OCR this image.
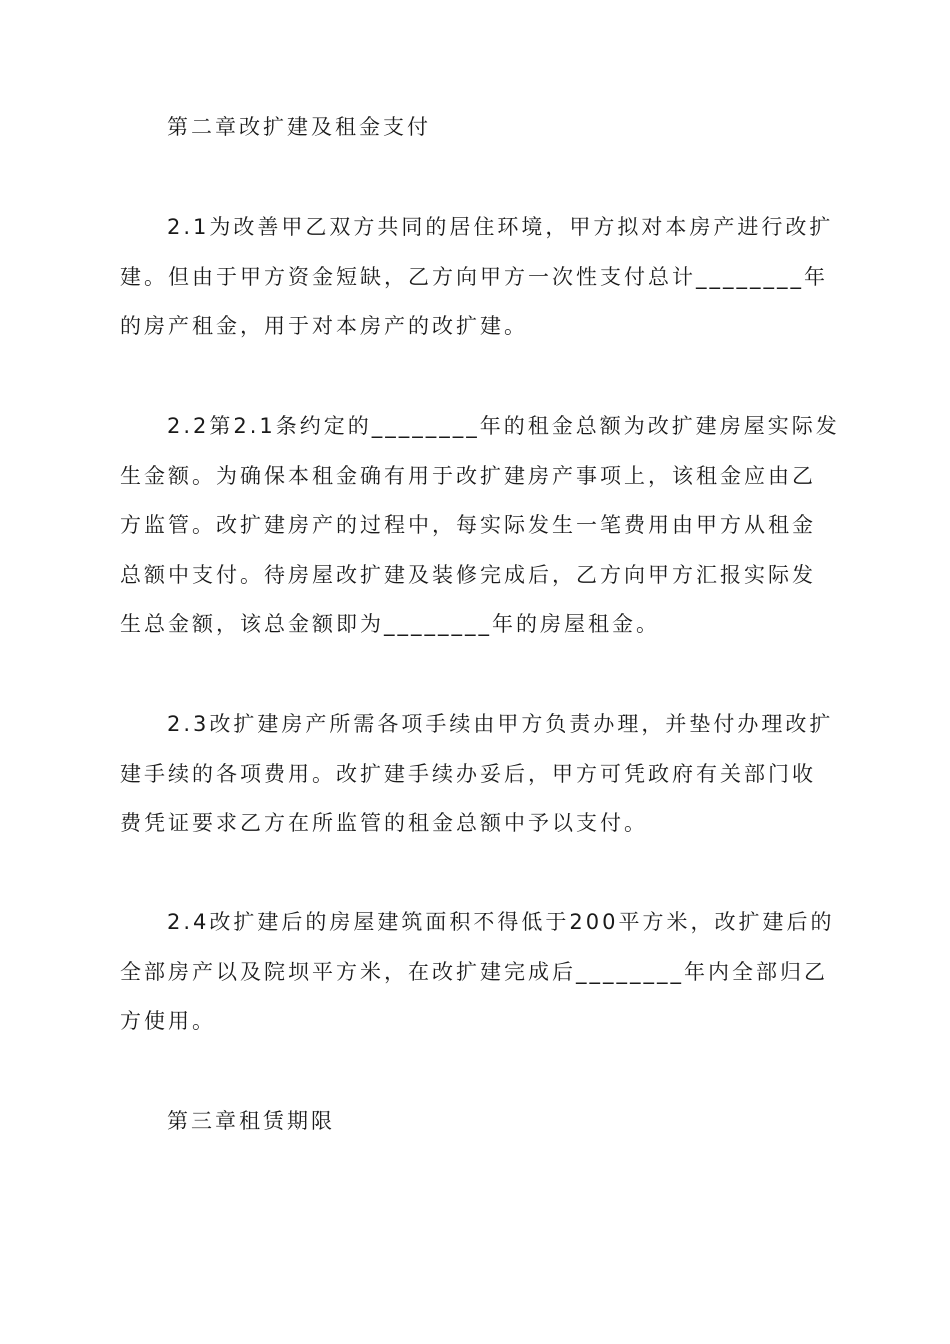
第二章改扩建及租金支付
2.1为改善甲乙双方共同的居住环境，甲方拟对本房产进行改扩
建。但由于甲方资金短缺，乙方向甲方一次性支付总计________年
的房产租金，用于对本房产的改扩建。
2.2第2.1条约定的________年的租金总额为改扩建房屋实际发
生金额。为确保本租金确有用于改扩建房产事项上，该租金应由乙
方监管。改扩建房产的过程中，每实际发生一笔费用由甲方从租金
总额中支付。待房屋改扩建及装修完成后，乙方向甲方汇报实际发
生总金额，该总金额即为________年的房屋租金。
2.3改扩建房产所需各项手续由甲方负责办理，并垫付办理改扩
建手续的各项费用。改扩建手续办妥后，甲方可凭政府有关部门收
费凭证要求乙方在所监管的租金总额中予以支付。
2.4改扩建后的房屋建筑面积不得低于200平方米，改扩建后的
全部房产以及院坝平方米，在改扩建完成后________年内全部归乙
方使用。
第三章租赁期限
